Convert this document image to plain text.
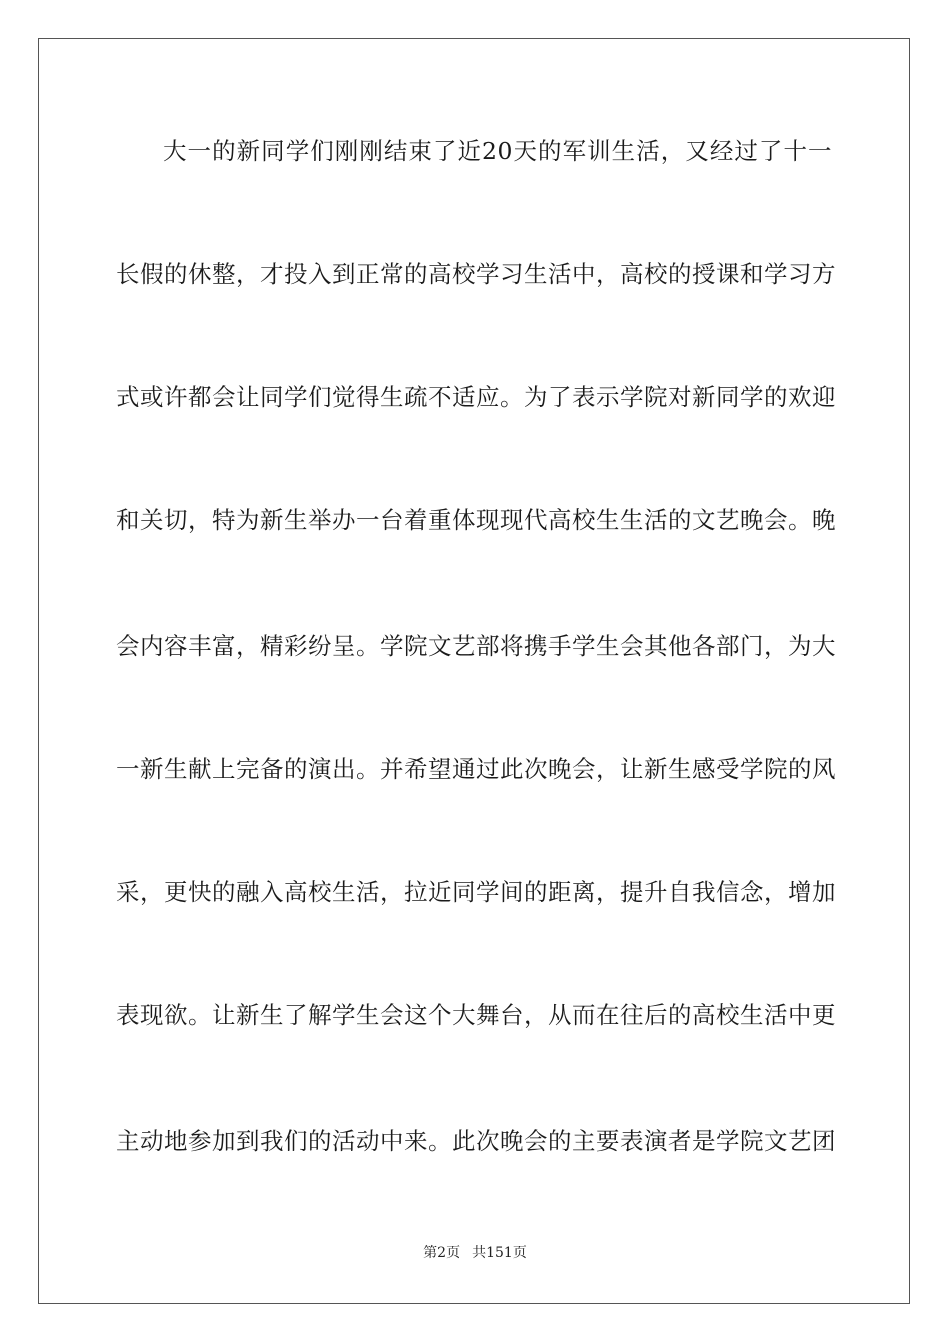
大一的新同学们刚刚结束了近20天的军训生活，又经过了十一
长假的休整，才投入到正常的高校学习生活中，高校的授课和学习方
式或许都会让同学们觉得生疏不适应。为了表示学院对新同学的欢迎
和关切，特为新生举办一台着重体现现代高校生生活的文艺晚会。晚
会内容丰富，精彩纷呈。学院文艺部将携手学生会其他各部门，为大
一新生献上完备的演出。并希望通过此次晚会，让新生感受学院的风
采，更快的融入高校生活，拉近同学间的距离，提升自我信念，增加
表现欲。让新生了解学生会这个大舞台，从而在往后的高校生活中更
主动地参加到我们的活动中来。此次晚会的主要表演者是学院文艺团
第2页 共151页
